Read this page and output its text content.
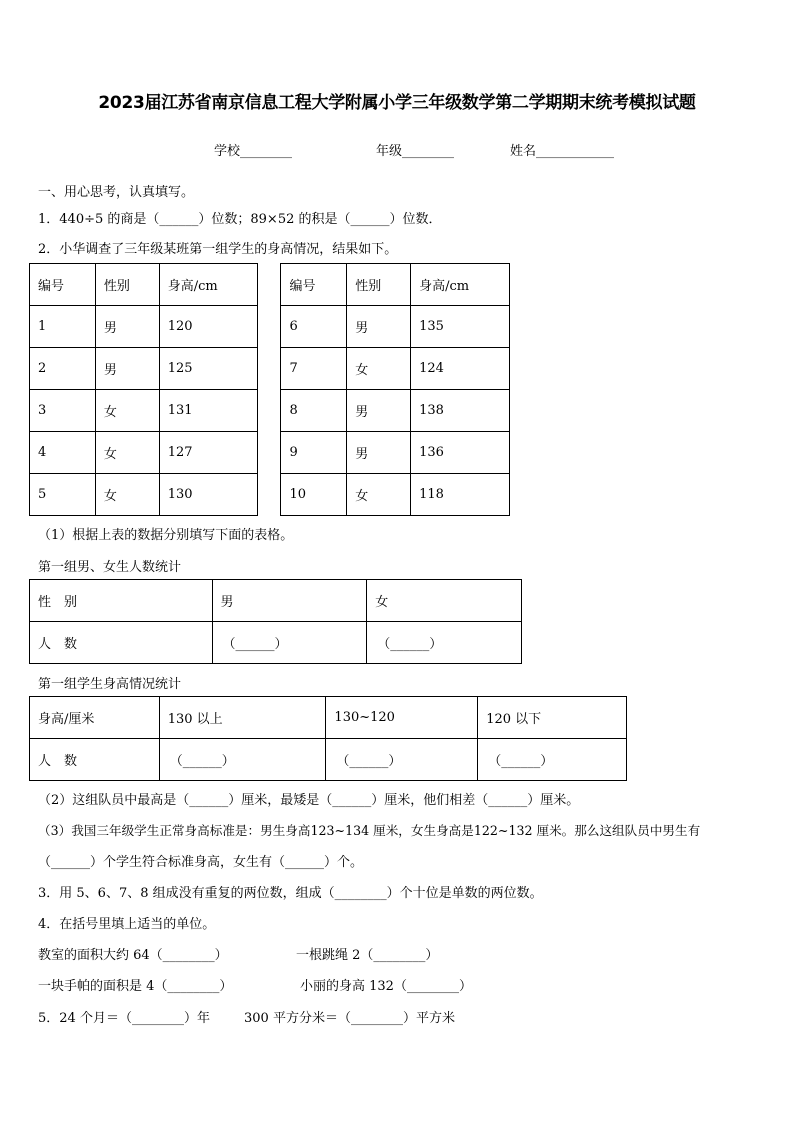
2023届江苏省南京信息工程大学附属小学三年级数学第二学期期末统考模拟试题
学校________	年级________	姓名____________
一、用心思考，认真填写。
1．440÷5 的商是（______）位数；89×52 的积是（______）位数．
2．小华调查了三年级某班第一组学生的身高情况，结果如下。
编号	性别	身高/cm		编号	性别	身高/cm
1	男	120		6	男	135
2	男	125		7	女	124
3	女	131		8	男	138
4	女	127		9	男	136
5	女	130		10	女	118
（1）根据上表的数据分别填写下面的表格。
第一组男、女生人数统计
性　别	男	女
人　数	（______）	（______）
第一组学生身高情况统计
身高/厘米	130 以上	130~120	120 以下
人　数	（______）	（______）	（______）
（2）这组队员中最高是（______）厘米，最矮是（______）厘米，他们相差（______）厘米。
（3）我国三年级学生正常身高标准是：男生身高123~134 厘米，女生身高是122~132 厘米。那么这组队员中男生有
（______）个学生符合标准身高，女生有（______）个。
3．用 5、6、7、8 组成没有重复的两位数，组成（________）个十位是单数的两位数。
4．在括号里填上适当的单位。
教室的面积大约 64（________）	一根跳绳 2（________）
一块手帕的面积是 4（________）	小丽的身高 132（________）
5．24 个月＝（________）年	300 平方分米＝（________）平方米
